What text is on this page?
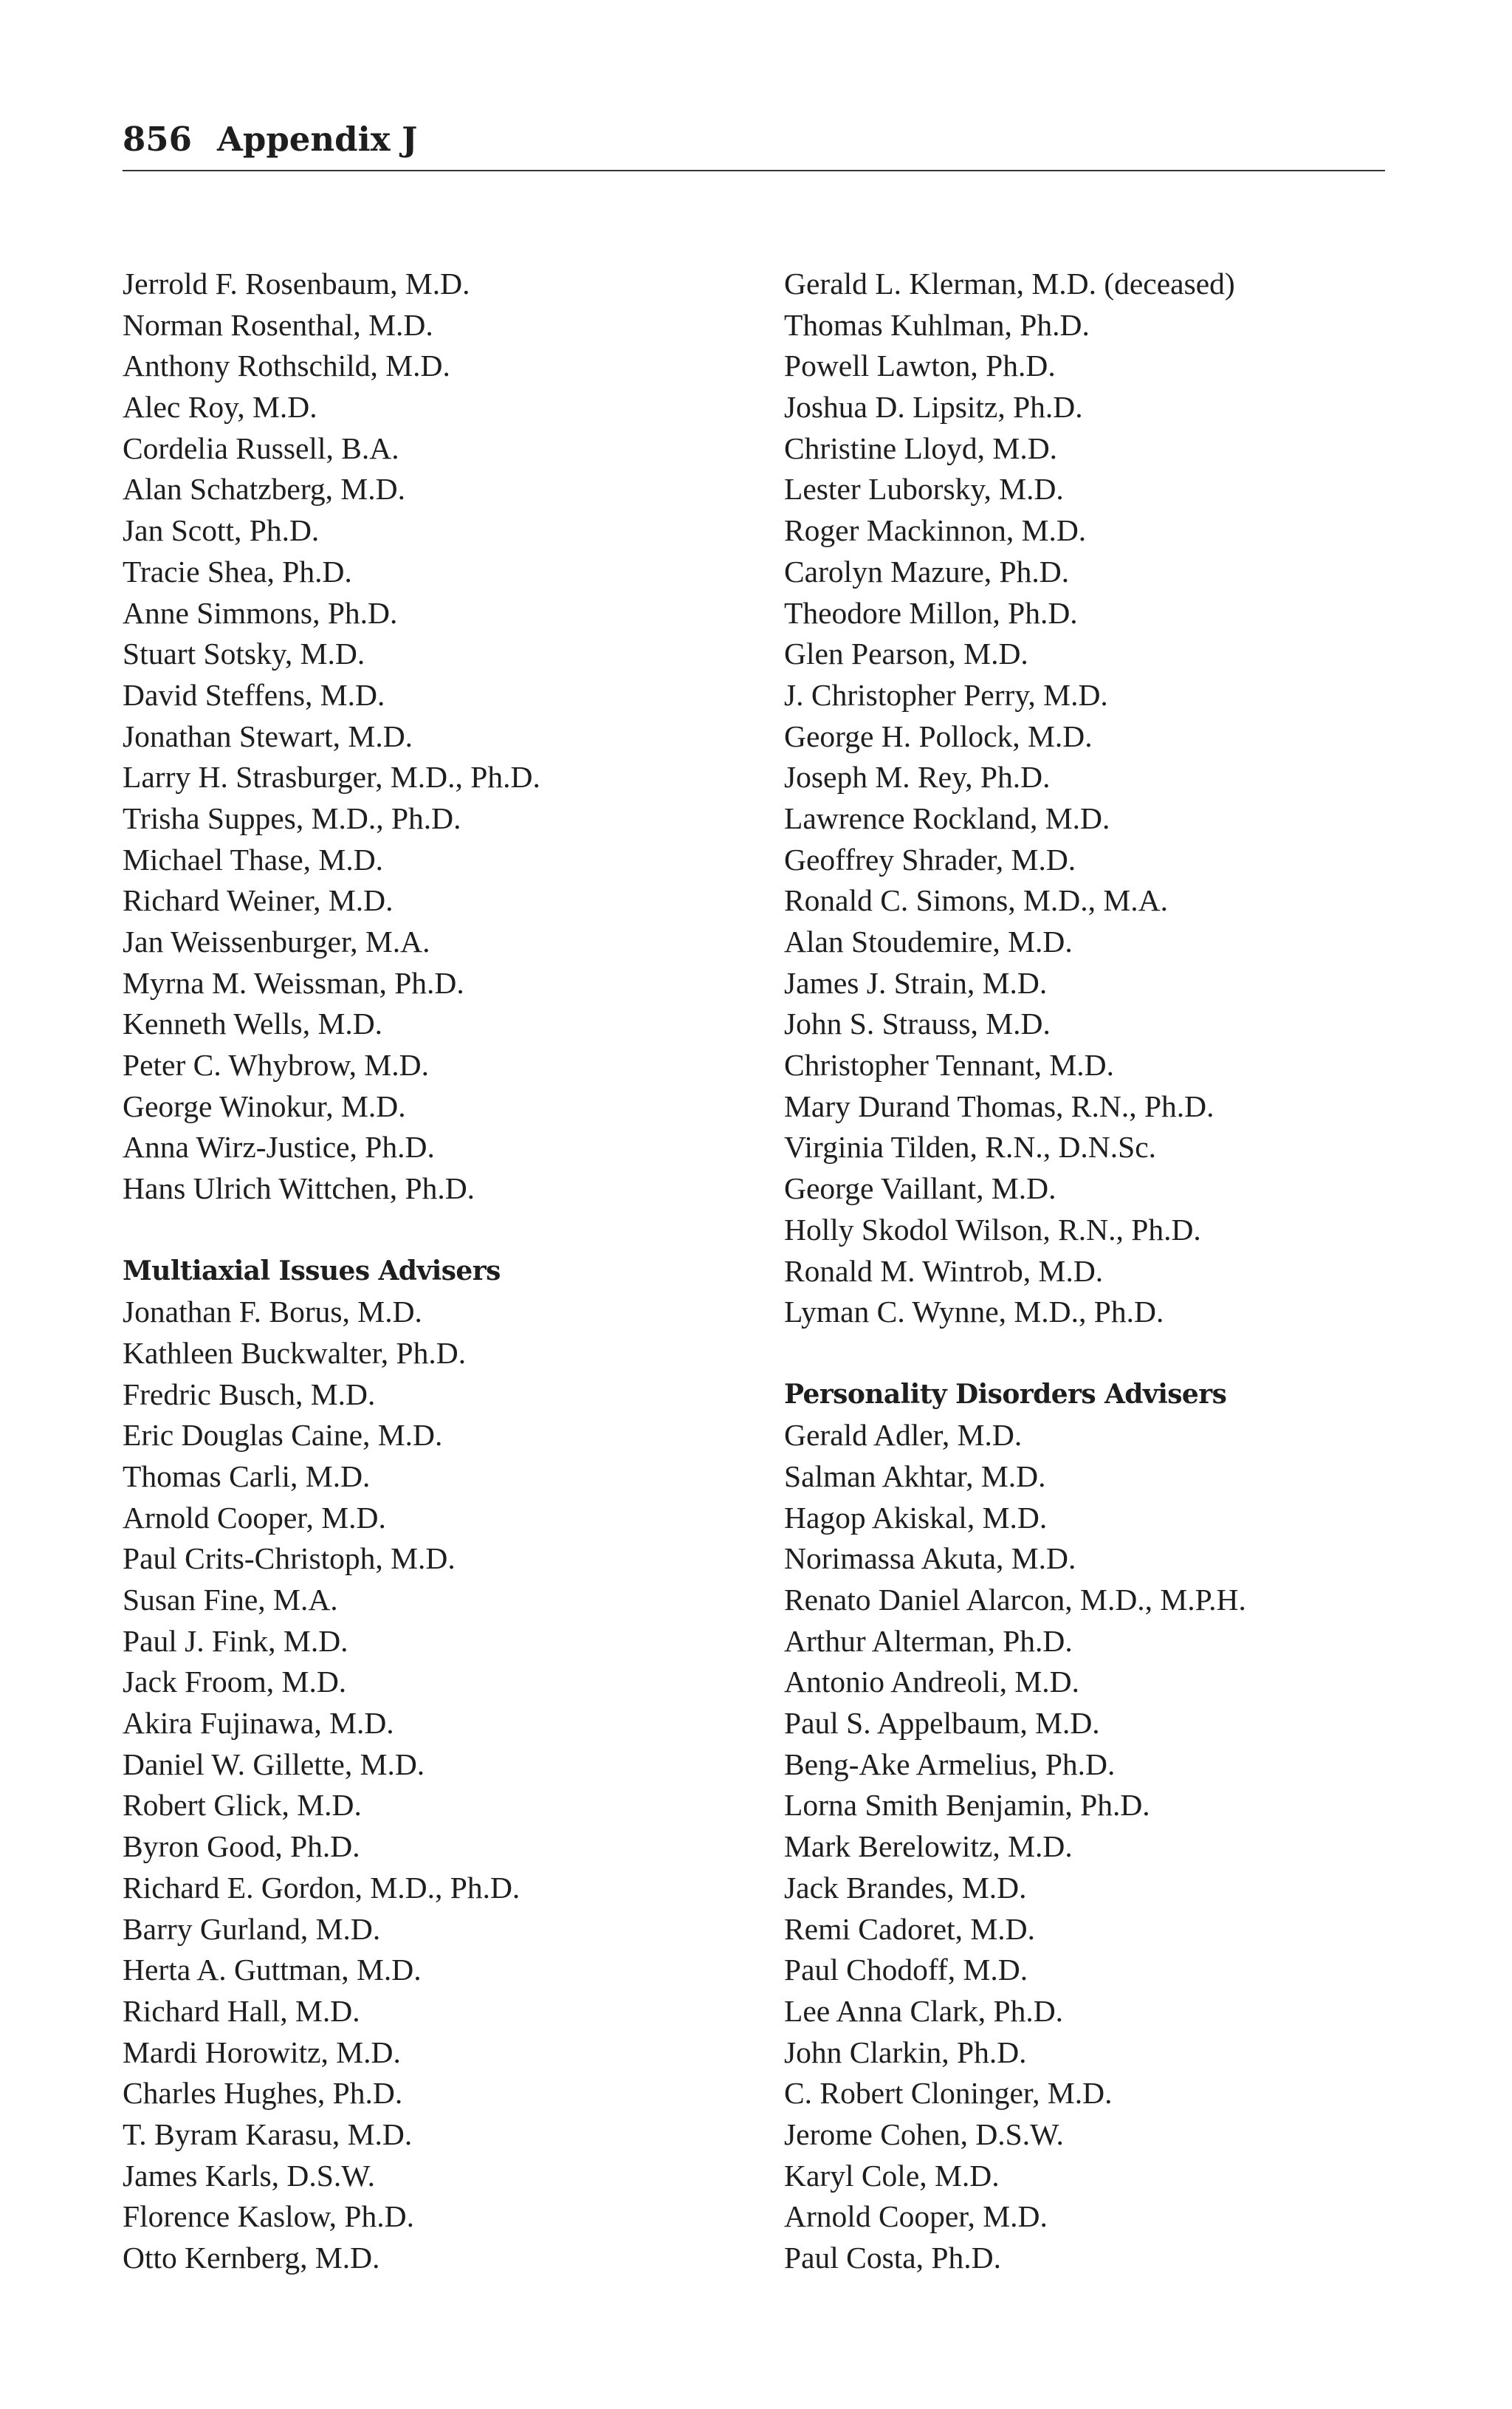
856 Appendix J
Jerrold F. Rosenbaum, M.D.
Norman Rosenthal, M.D.
Anthony Rothschild, M.D.
Alec Roy, M.D.
Cordelia Russell, B.A.
Alan Schatzberg, M.D.
Jan Scott, Ph.D.
Tracie Shea, Ph.D.
Anne Simmons, Ph.D.
Stuart Sotsky, M.D.
David Steffens, M.D.
Jonathan Stewart, M.D.
Larry H. Strasburger, M.D., Ph.D.
Trisha Suppes, M.D., Ph.D.
Michael Thase, M.D.
Richard Weiner, M.D.
Jan Weissenburger, M.A.
Myrna M. Weissman, Ph.D.
Kenneth Wells, M.D.
Peter C. Whybrow, M.D.
George Winokur, M.D.
Anna Wirz-Justice, Ph.D.
Hans Ulrich Wittchen, Ph.D.
Multiaxial Issues Advisers
Jonathan F. Borus, M.D.
Kathleen Buckwalter, Ph.D.
Fredric Busch, M.D.
Eric Douglas Caine, M.D.
Thomas Carli, M.D.
Arnold Cooper, M.D.
Paul Crits-Christoph, M.D.
Susan Fine, M.A.
Paul J. Fink, M.D.
Jack Froom, M.D.
Akira Fujinawa, M.D.
Daniel W. Gillette, M.D.
Robert Glick, M.D.
Byron Good, Ph.D.
Richard E. Gordon, M.D., Ph.D.
Barry Gurland, M.D.
Herta A. Guttman, M.D.
Richard Hall, M.D.
Mardi Horowitz, M.D.
Charles Hughes, Ph.D.
T. Byram Karasu, M.D.
James Karls, D.S.W.
Florence Kaslow, Ph.D.
Otto Kernberg, M.D.
Gerald L. Klerman, M.D. (deceased)
Thomas Kuhlman, Ph.D.
Powell Lawton, Ph.D.
Joshua D. Lipsitz, Ph.D.
Christine Lloyd, M.D.
Lester Luborsky, M.D.
Roger Mackinnon, M.D.
Carolyn Mazure, Ph.D.
Theodore Millon, Ph.D.
Glen Pearson, M.D.
J. Christopher Perry, M.D.
George H. Pollock, M.D.
Joseph M. Rey, Ph.D.
Lawrence Rockland, M.D.
Geoffrey Shrader, M.D.
Ronald C. Simons, M.D., M.A.
Alan Stoudemire, M.D.
James J. Strain, M.D.
John S. Strauss, M.D.
Christopher Tennant, M.D.
Mary Durand Thomas, R.N., Ph.D.
Virginia Tilden, R.N., D.N.Sc.
George Vaillant, M.D.
Holly Skodol Wilson, R.N., Ph.D.
Ronald M. Wintrob, M.D.
Lyman C. Wynne, M.D., Ph.D.
Personality Disorders Advisers
Gerald Adler, M.D.
Salman Akhtar, M.D.
Hagop Akiskal, M.D.
Norimassa Akuta, M.D.
Renato Daniel Alarcon, M.D., M.P.H.
Arthur Alterman, Ph.D.
Antonio Andreoli, M.D.
Paul S. Appelbaum, M.D.
Beng-Ake Armelius, Ph.D.
Lorna Smith Benjamin, Ph.D.
Mark Berelowitz, M.D.
Jack Brandes, M.D.
Remi Cadoret, M.D.
Paul Chodoff, M.D.
Lee Anna Clark, Ph.D.
John Clarkin, Ph.D.
C. Robert Cloninger, M.D.
Jerome Cohen, D.S.W.
Karyl Cole, M.D.
Arnold Cooper, M.D.
Paul Costa, Ph.D.
